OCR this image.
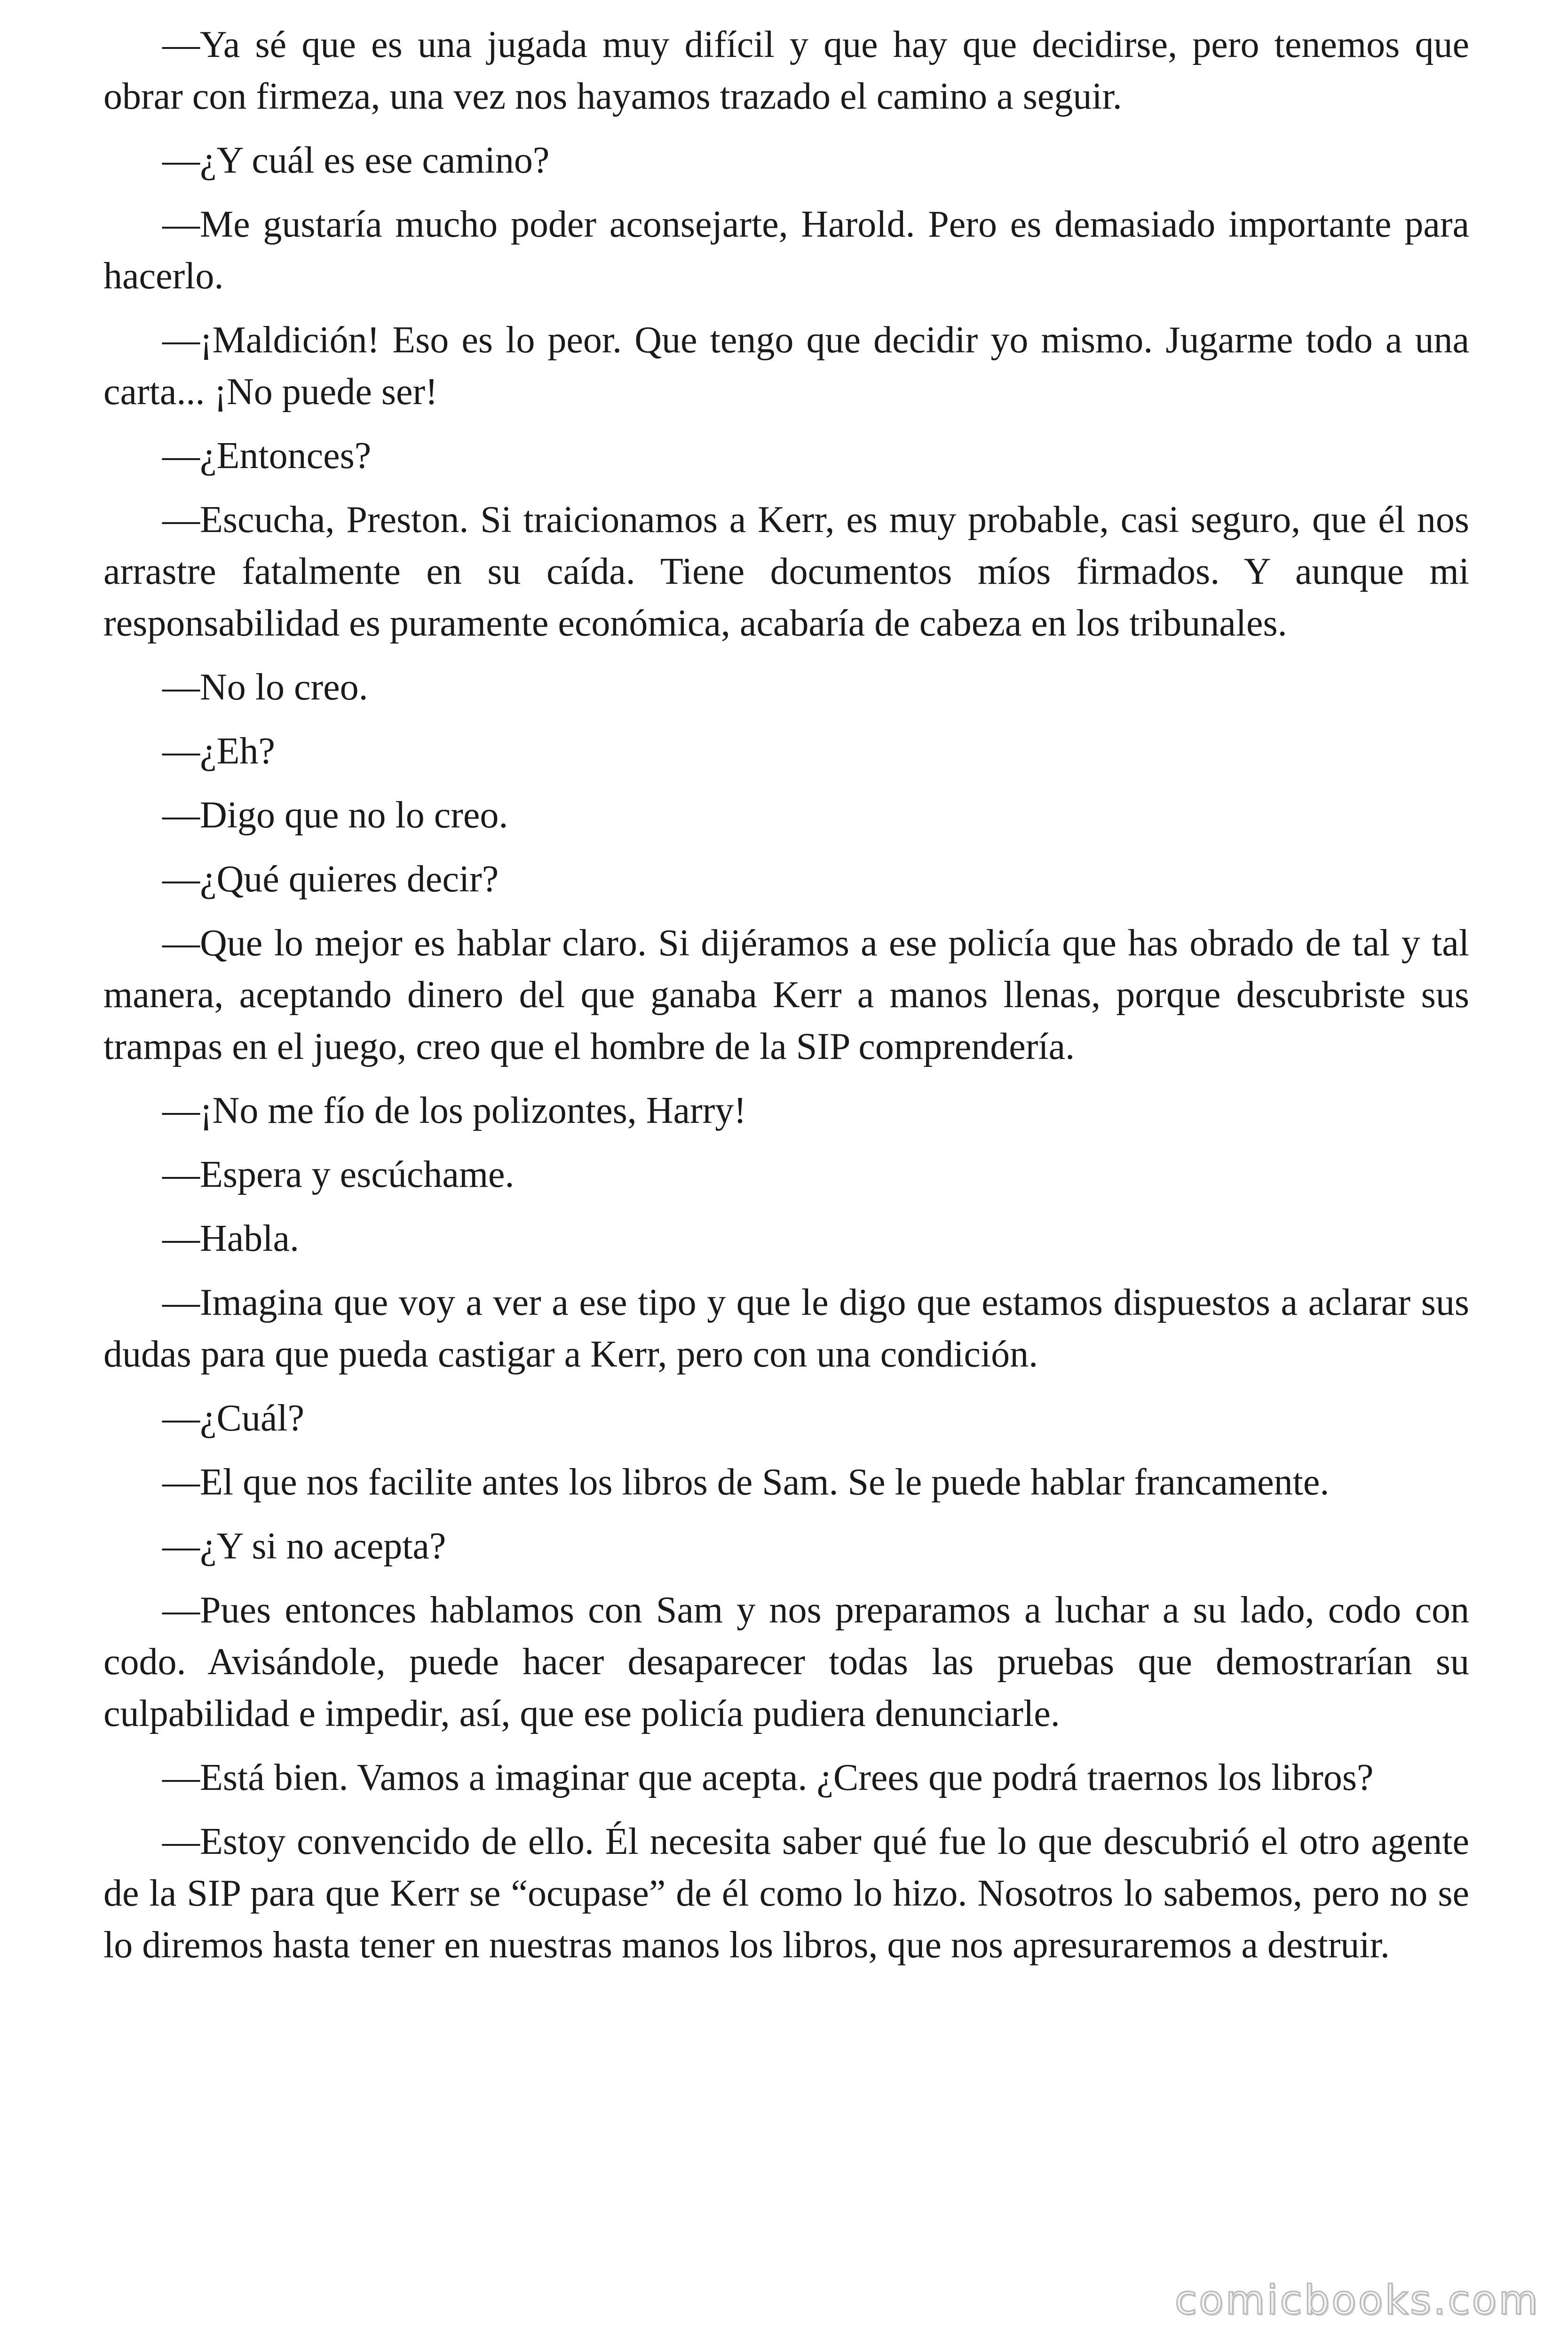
—Ya sé que es una jugada muy difícil y que hay que decidirse, pero tenemos que obrar con firmeza, una vez nos hayamos trazado el camino a seguir.

—¿Y cuál es ese camino?

—Me gustaría mucho poder aconsejarte, Harold. Pero es demasiado importante para hacerlo.

—¡Maldición! Eso es lo peor. Que tengo que decidir yo mismo. Jugarme todo a una carta... ¡No puede ser!

—¿Entonces?

—Escucha, Preston. Si traicionamos a Kerr, es muy probable, casi seguro, que él nos arrastre fatalmente en su caída. Tiene documentos míos firmados. Y aunque mi responsabilidad es puramente económica, acabaría de cabeza en los tribunales.

—No lo creo.

—¿Eh?

—Digo que no lo creo.

—¿Qué quieres decir?

—Que lo mejor es hablar claro. Si dijéramos a ese policía que has obrado de tal y tal manera, aceptando dinero del que ganaba Kerr a manos llenas, porque descubriste sus trampas en el juego, creo que el hombre de la SIP comprendería.

—¡No me fío de los polizontes, Harry!

—Espera y escúchame.

—Habla.

—Imagina que voy a ver a ese tipo y que le digo que estamos dispuestos a aclarar sus dudas para que pueda castigar a Kerr, pero con una condición.

—¿Cuál?

—El que nos facilite antes los libros de Sam. Se le puede hablar francamente.

—¿Y si no acepta?

—Pues entonces hablamos con Sam y nos preparamos a luchar a su lado, codo con codo. Avisándole, puede hacer desaparecer todas las pruebas que demostrarían su culpabilidad e impedir, así, que ese policía pudiera denunciarle.

—Está bien. Vamos a imaginar que acepta. ¿Crees que podrá traernos los libros?

—Estoy convencido de ello. Él necesita saber qué fue lo que descubrió el otro agente de la SIP para que Kerr se “ocupase” de él como lo hizo. Nosotros lo sabemos, pero no se lo diremos hasta tener en nuestras manos los libros, que nos apresuraremos a destruir.

comicbooks.com
